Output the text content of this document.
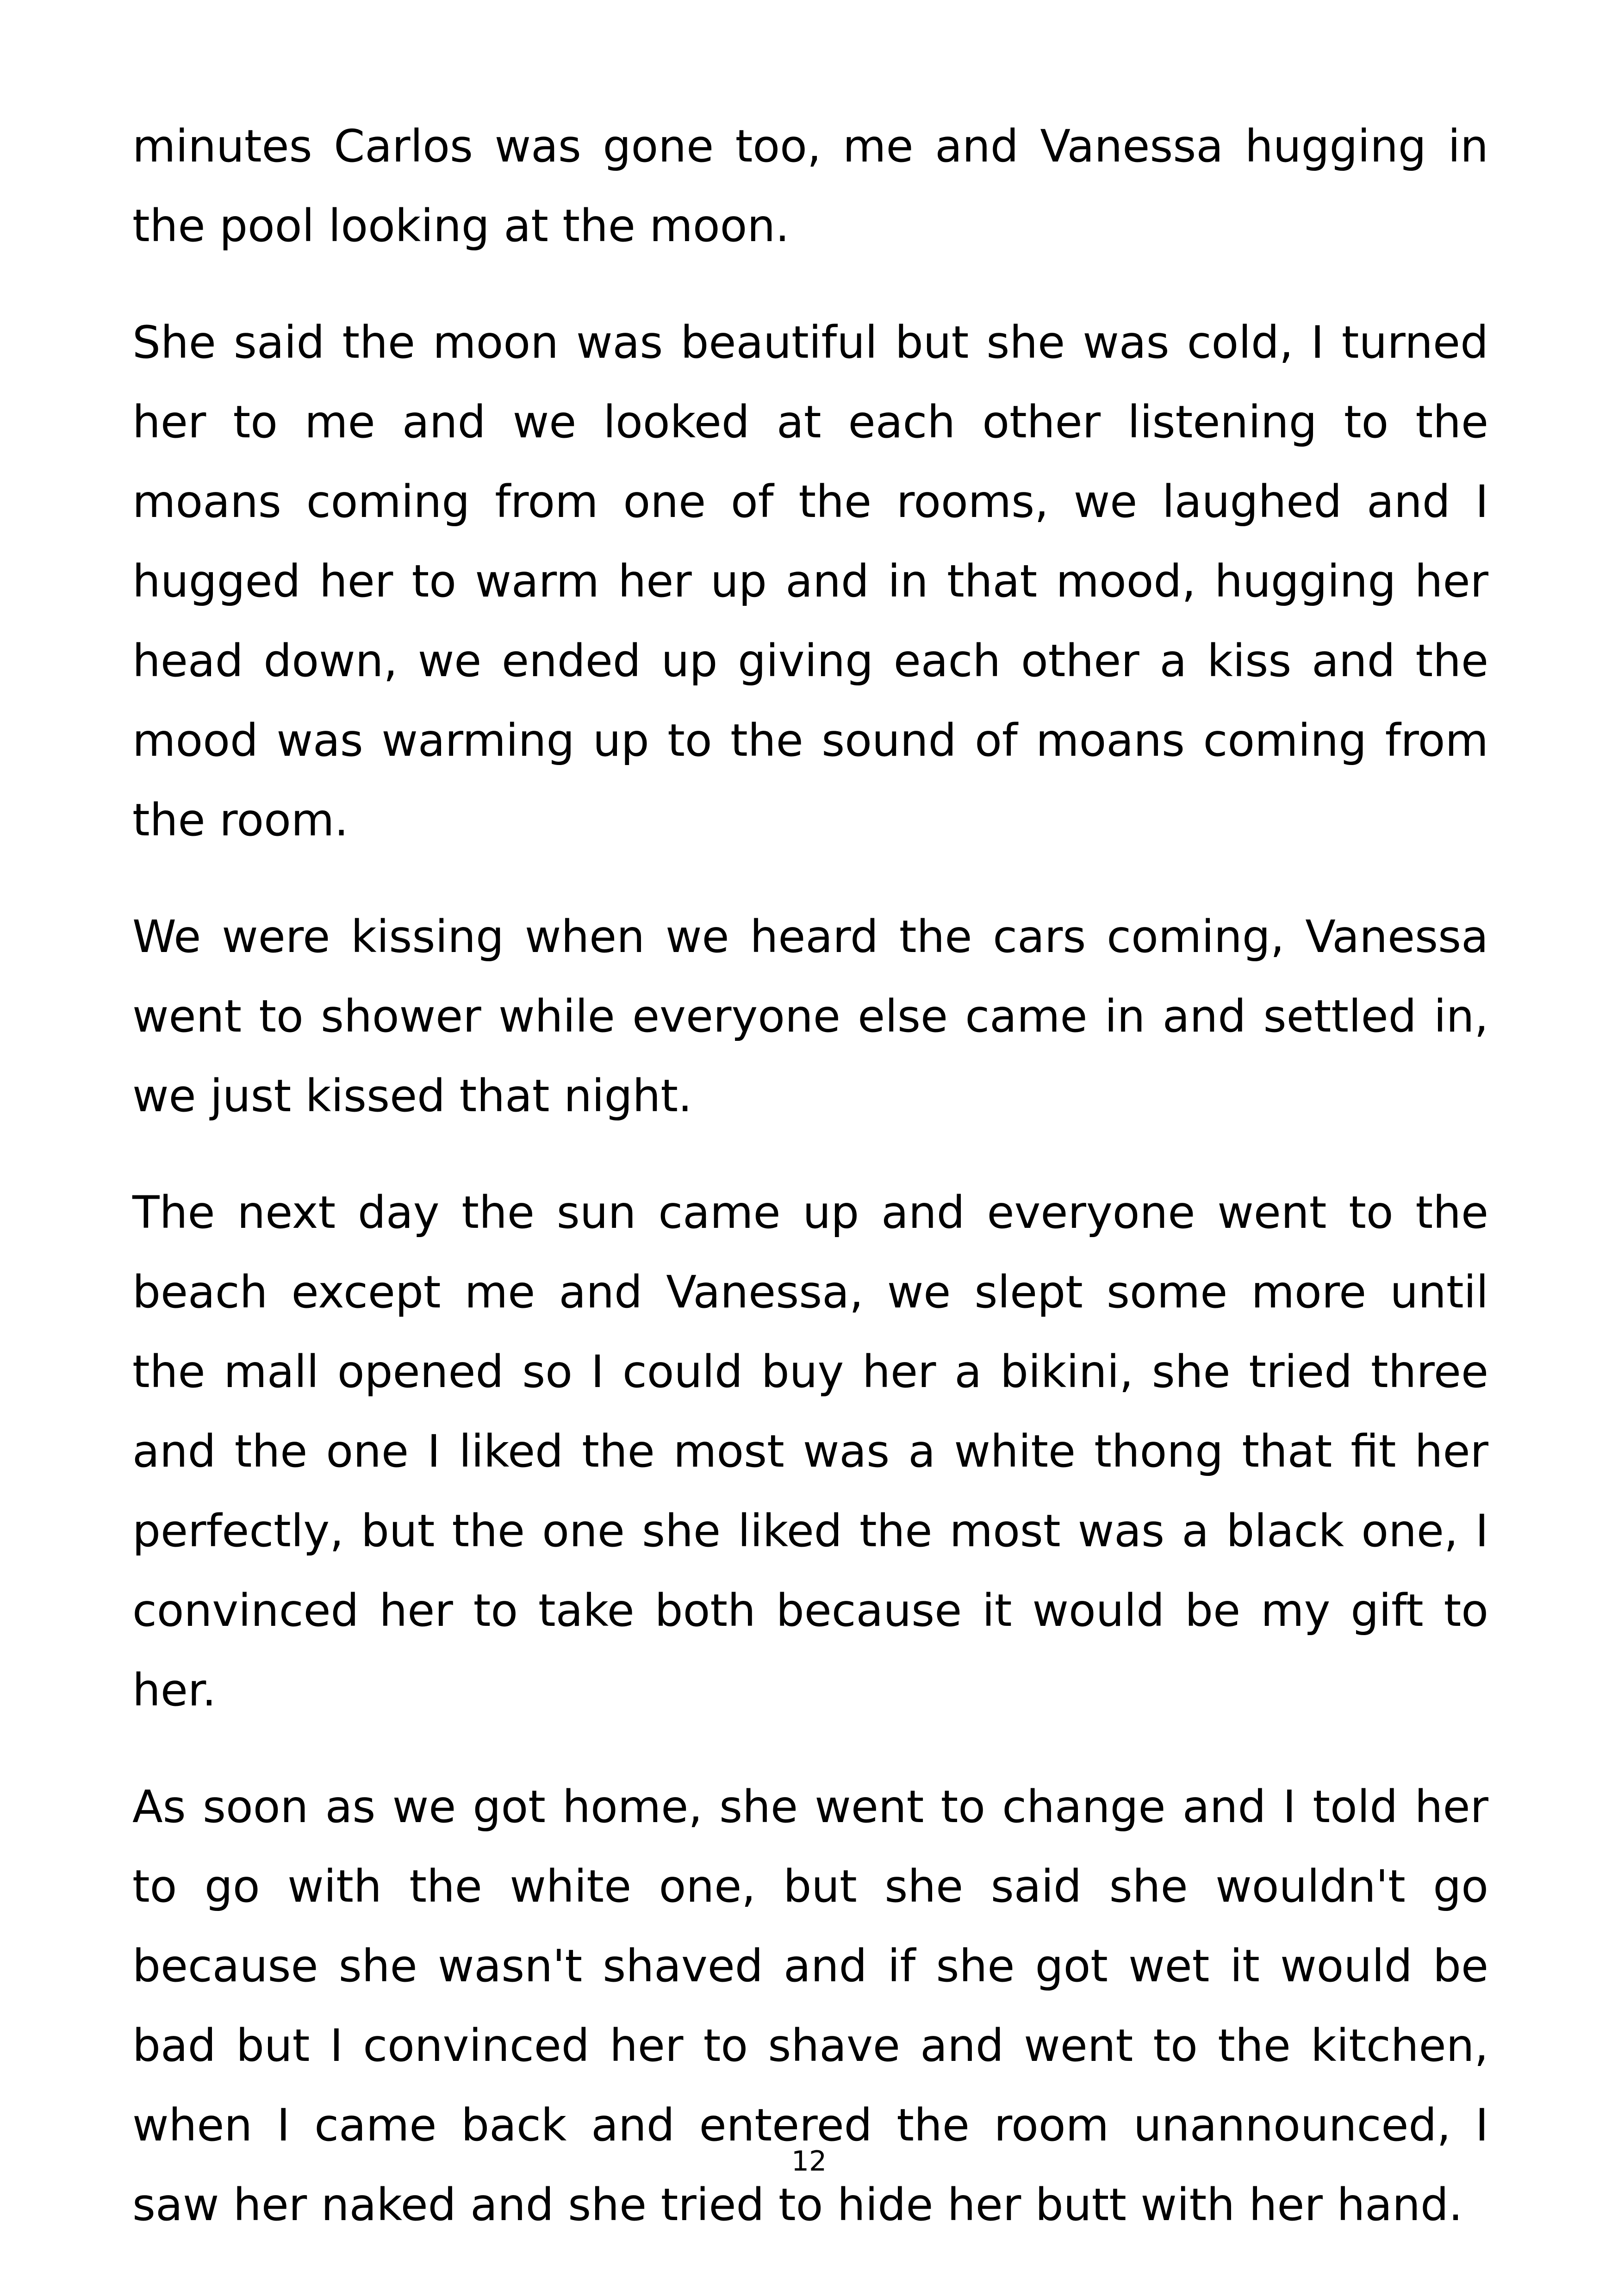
minutes Carlos was gone too, me and Vanessa hugging in the pool looking at the moon.

She said the moon was beautiful but she was cold, I turned her to me and we looked at each other listening to the moans coming from one of the rooms, we laughed and I hugged her to warm her up and in that mood, hugging her head down, we ended up giving each other a kiss and the mood was warming up to the sound of moans coming from the room.

We were kissing when we heard the cars coming, Vanessa went to shower while everyone else came in and settled in, we just kissed that night.

The next day the sun came up and everyone went to the beach except me and Vanessa, we slept some more until the mall opened so I could buy her a bikini, she tried three and the one I liked the most was a white thong that fit her perfectly, but the one she liked the most was a black one, I convinced her to take both because it would be my gift to her.

As soon as we got home, she went to change and I told her to go with the white one, but she said she wouldn't go because she wasn't shaved and if she got wet it would be bad but I convinced her to shave and went to the kitchen, when I came back and entered the room unannounced, I saw her naked and she tried to hide her butt with her hand.

12
